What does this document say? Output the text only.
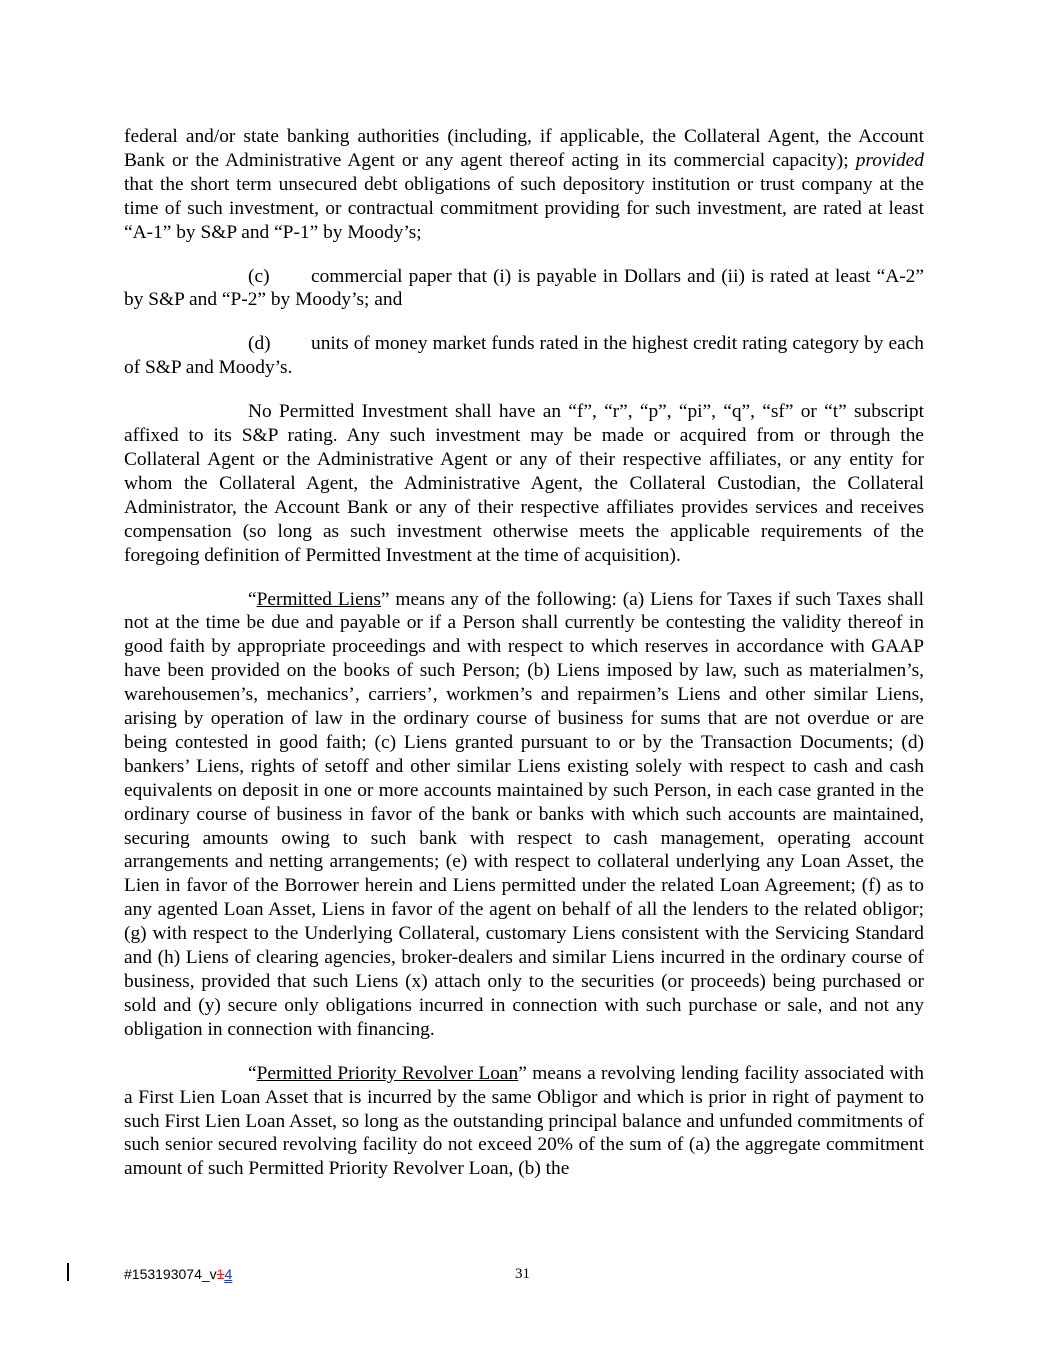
federal and/or state banking authorities (including, if applicable, the Collateral Agent, the Account Bank or the Administrative Agent or any agent thereof acting in its commercial capacity); provided that the short term unsecured debt obligations of such depository institution or trust company at the time of such investment, or contractual commitment providing for such investment, are rated at least “A-1” by S&P and “P-1” by Moody’s;

(c) commercial paper that (i) is payable in Dollars and (ii) is rated at least “A-2” by S&P and “P-2” by Moody’s; and

(d) units of money market funds rated in the highest credit rating category by each of S&P and Moody’s.

No Permitted Investment shall have an “f”, “r”, “p”, “pi”, “q”, “sf” or “t” subscript affixed to its S&P rating. Any such investment may be made or acquired from or through the Collateral Agent or the Administrative Agent or any of their respective affiliates, or any entity for whom the Collateral Agent, the Administrative Agent, the Collateral Custodian, the Collateral Administrator, the Account Bank or any of their respective affiliates provides services and receives compensation (so long as such investment otherwise meets the applicable requirements of the foregoing definition of Permitted Investment at the time of acquisition).

“Permitted Liens” means any of the following: (a) Liens for Taxes if such Taxes shall not at the time be due and payable or if a Person shall currently be contesting the validity thereof in good faith by appropriate proceedings and with respect to which reserves in accordance with GAAP have been provided on the books of such Person; (b) Liens imposed by law, such as materialmen’s, warehousemen’s, mechanics’, carriers’, workmen’s and repairmen’s Liens and other similar Liens, arising by operation of law in the ordinary course of business for sums that are not overdue or are being contested in good faith; (c) Liens granted pursuant to or by the Transaction Documents; (d) bankers’ Liens, rights of setoff and other similar Liens existing solely with respect to cash and cash equivalents on deposit in one or more accounts maintained by such Person, in each case granted in the ordinary course of business in favor of the bank or banks with which such accounts are maintained, securing amounts owing to such bank with respect to cash management, operating account arrangements and netting arrangements; (e) with respect to collateral underlying any Loan Asset, the Lien in favor of the Borrower herein and Liens permitted under the related Loan Agreement; (f) as to any agented Loan Asset, Liens in favor of the agent on behalf of all the lenders to the related obligor; (g) with respect to the Underlying Collateral, customary Liens consistent with the Servicing Standard and (h) Liens of clearing agencies, broker-dealers and similar Liens incurred in the ordinary course of business, provided that such Liens (x) attach only to the securities (or proceeds) being purchased or sold and (y) secure only obligations incurred in connection with such purchase or sale, and not any obligation in connection with financing.

“Permitted Priority Revolver Loan” means a revolving lending facility associated with a First Lien Loan Asset that is incurred by the same Obligor and which is prior in right of payment to such First Lien Loan Asset, so long as the outstanding principal balance and unfunded commitments of such senior secured revolving facility do not exceed 20% of the sum of (a) the aggregate commitment amount of such Permitted Priority Revolver Loan, (b) the

#153193074_v14	31
